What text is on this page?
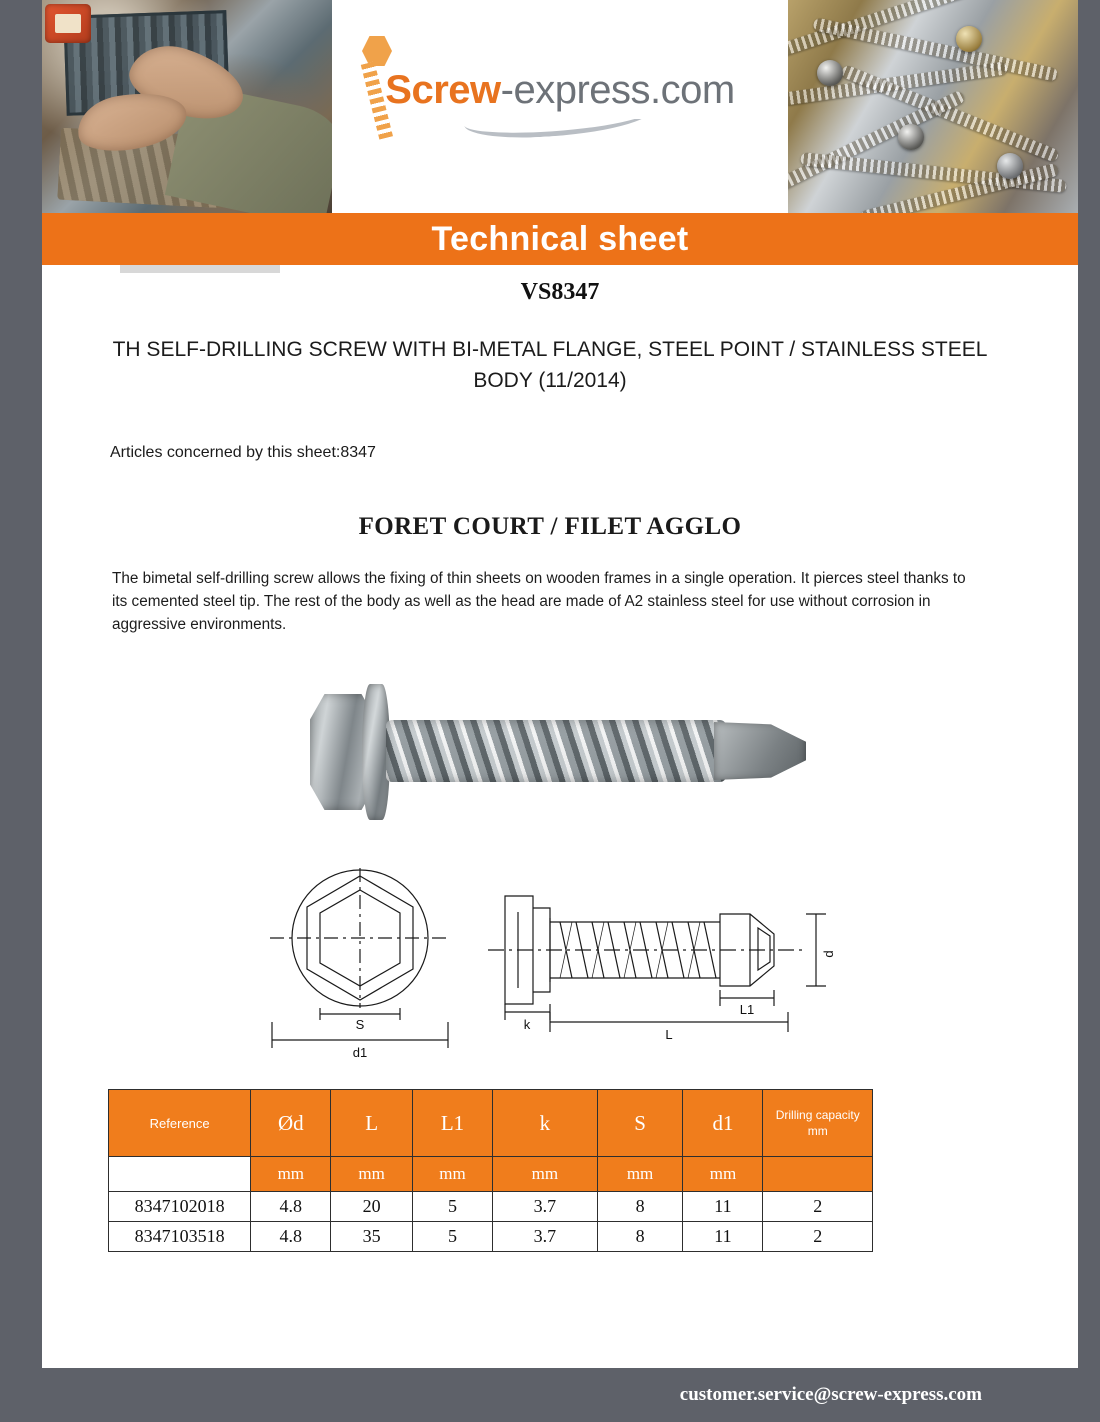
Screw-express.com
Technical sheet
VS8347
TH SELF-DRILLING SCREW WITH BI-METAL FLANGE, STEEL POINT / STAINLESS STEEL BODY (11/2014)
Articles concerned by this sheet:8347
FORET COURT / FILET AGGLO
The bimetal self-drilling screw allows the fixing of thin sheets on wooden frames in a single operation. It pierces steel thanks to its cemented steel tip. The rest of the body as well as the head are made of A2 stainless steel for use without corrosion in aggressive environments.
S
d1
k
L
L1
d
Reference	Ød	L	L1	k	S	d1	Drilling capacity
mm

	mm	mm	mm	mm	mm	mm	
8347102018	4.8	20	5	3.7	8	11	2
8347103518	4.8	35	5	3.7	8	11	2
customer.service@screw-express.com
